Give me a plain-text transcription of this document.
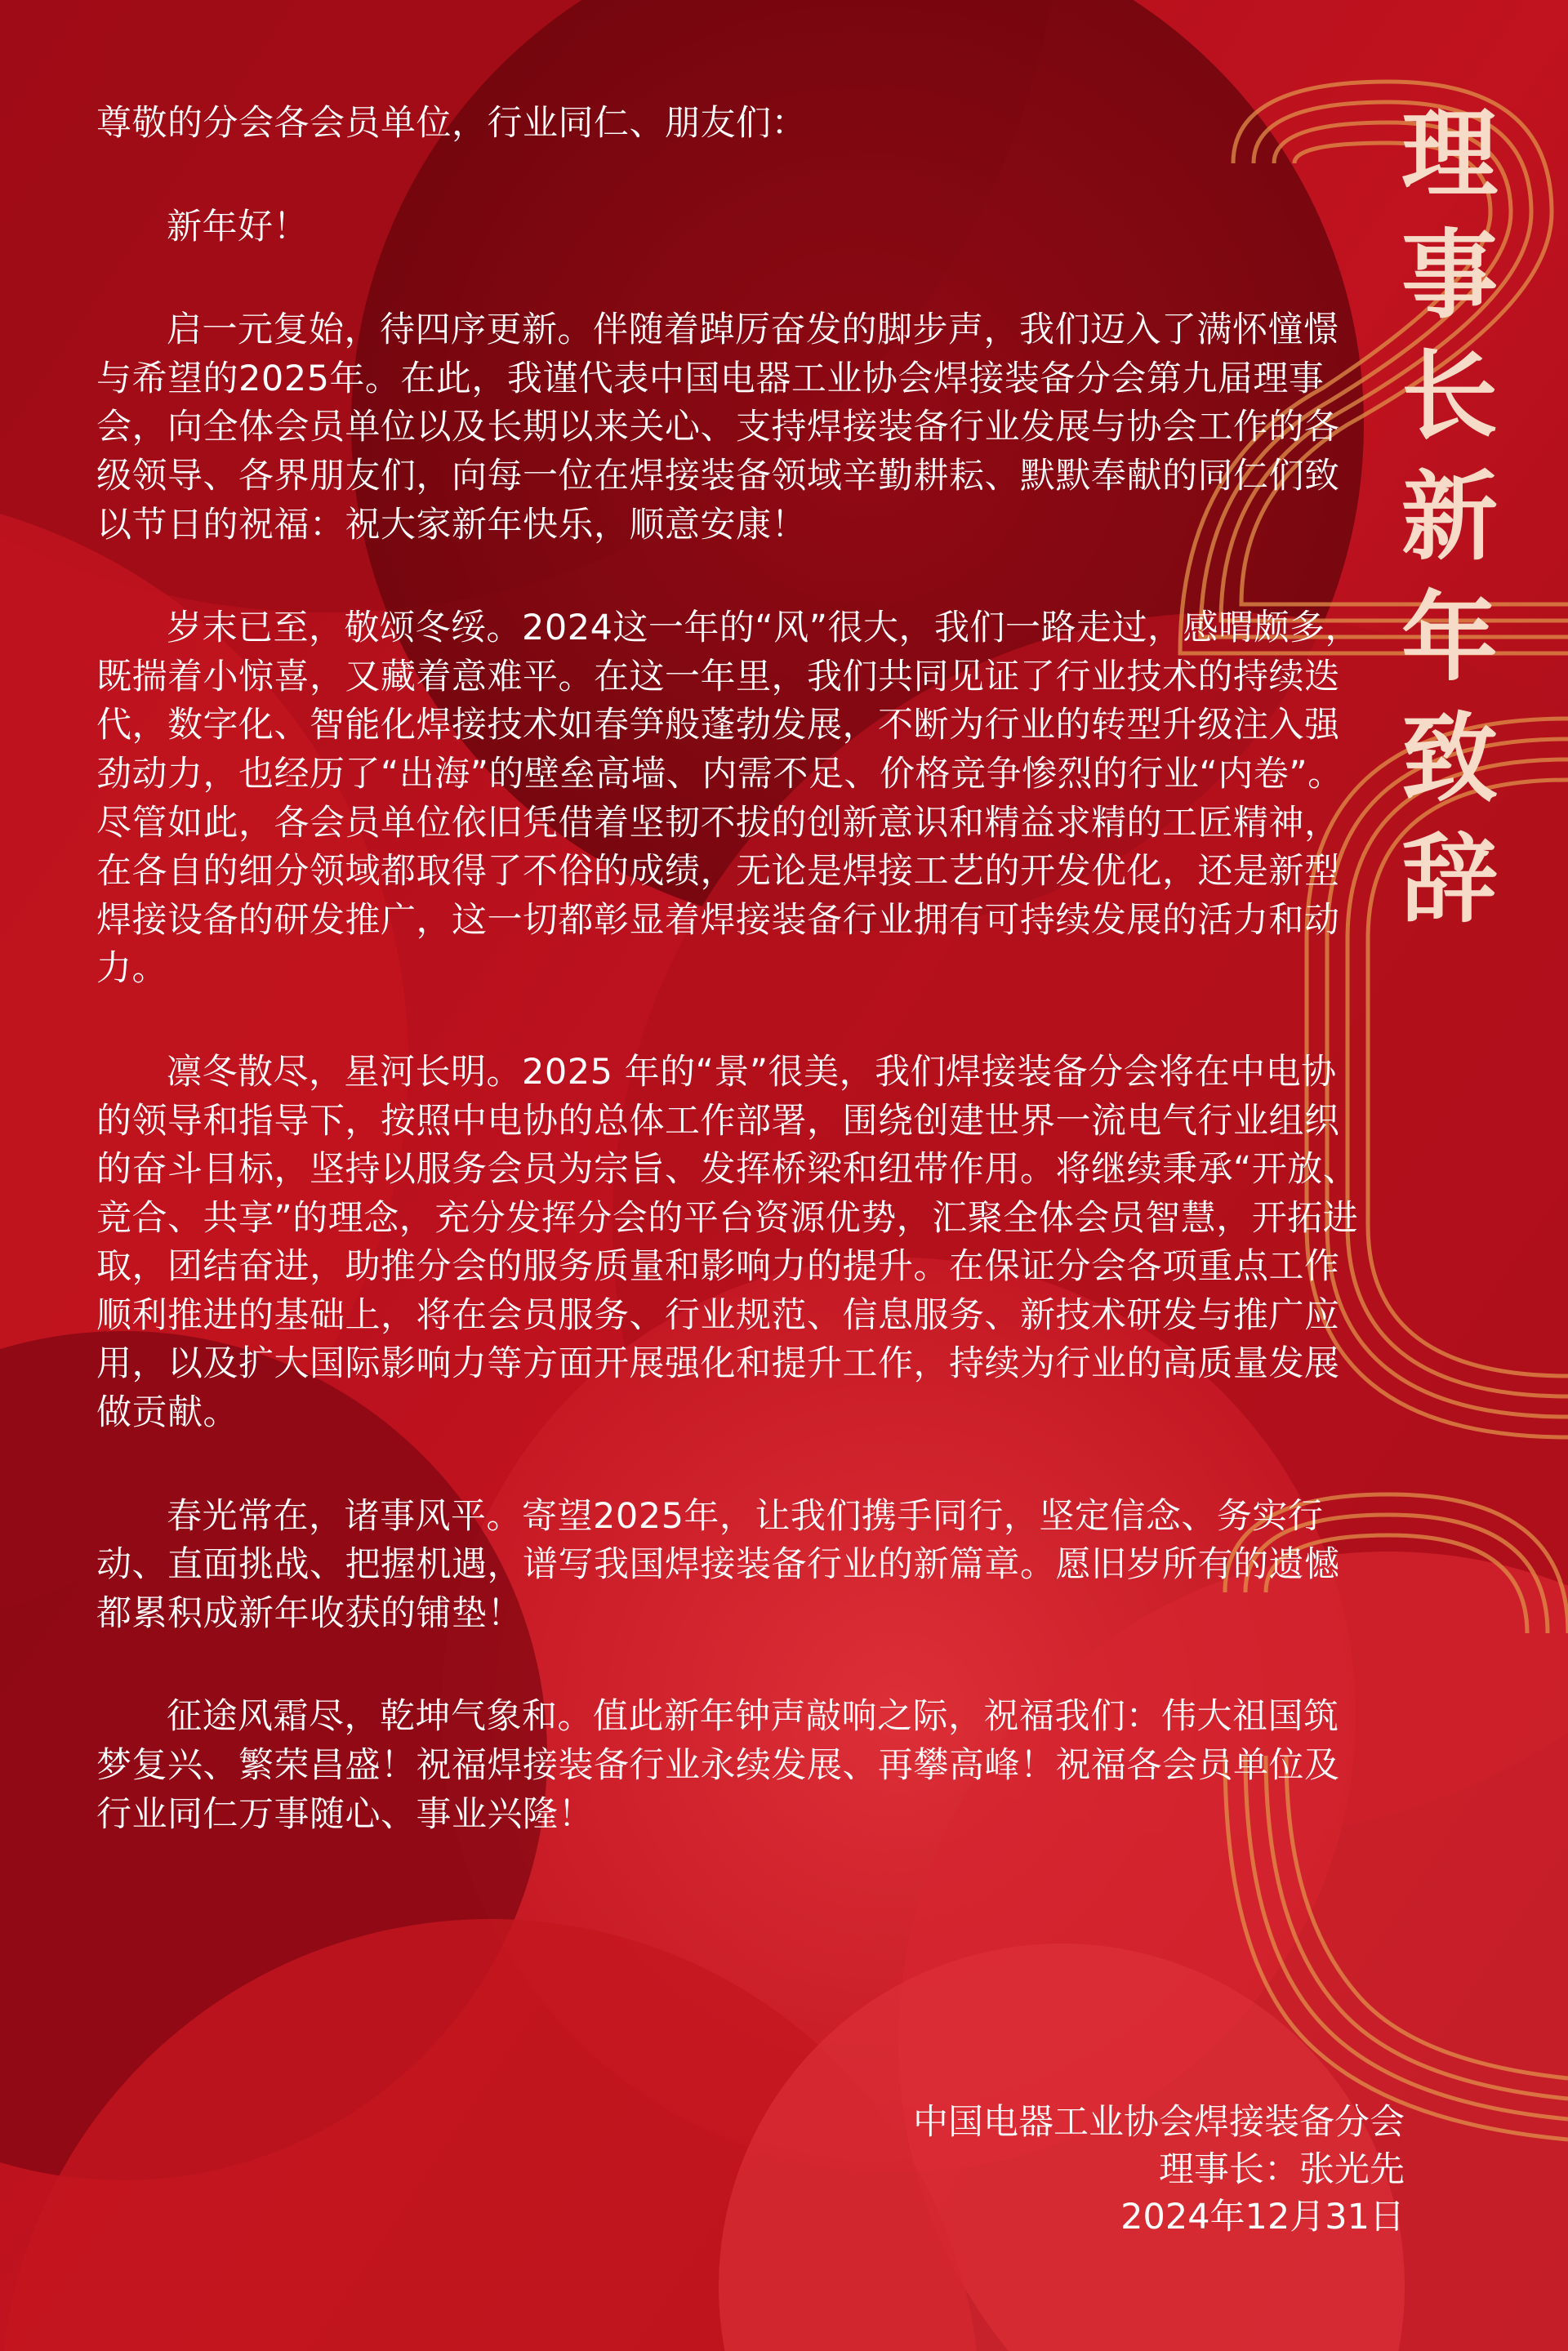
理
事
长
新
年
致
辞

尊敬的分会各会员单位，行业同仁、朋友们：

新年好！

启一元复始，待四序更新。伴随着踔厉奋发的脚步声，我们迈入了满怀憧憬与希望的2025年。在此，我谨代表中国电器工业协会焊接装备分会第九届理事会，向全体会员单位以及长期以来关心、支持焊接装备行业发展与协会工作的各级领导、各界朋友们，向每一位在焊接装备领域辛勤耕耘、默默奉献的同仁们致以节日的祝福：祝大家新年快乐，顺意安康！

岁末已至，敬颂冬绥。2024这一年的“风”很大，我们一路走过，感喟颇多，既揣着小惊喜，又藏着意难平。在这一年里，我们共同见证了行业技术的持续迭代，数字化、智能化焊接技术如春笋般蓬勃发展，不断为行业的转型升级注入强劲动力，也经历了“出海”的壁垒高墙、内需不足、价格竞争惨烈的行业“内卷”。尽管如此，各会员单位依旧凭借着坚韧不拔的创新意识和精益求精的工匠精神，在各自的细分领域都取得了不俗的成绩，无论是焊接工艺的开发优化，还是新型焊接设备的研发推广，这一切都彰显着焊接装备行业拥有可持续发展的活力和动力。

凛冬散尽，星河长明。2025 年的“景”很美，我们焊接装备分会将在中电协的领导和指导下，按照中电协的总体工作部署，围绕创建世界一流电气行业组织的奋斗目标，坚持以服务会员为宗旨、发挥桥梁和纽带作用。将继续秉承“开放、竞合、共享”的理念，充分发挥分会的平台资源优势，汇聚全体会员智慧，开拓进取，团结奋进，助推分会的服务质量和影响力的提升。在保证分会各项重点工作顺利推进的基础上，将在会员服务、行业规范、信息服务、新技术研发与推广应用，以及扩大国际影响力等方面开展强化和提升工作，持续为行业的高质量发展做贡献。

春光常在，诸事风平。寄望2025年，让我们携手同行，坚定信念、务实行动、直面挑战、把握机遇，谱写我国焊接装备行业的新篇章。愿旧岁所有的遗憾都累积成新年收获的铺垫！

征途风霜尽，乾坤气象和。值此新年钟声敲响之际，祝福我们：伟大祖国筑梦复兴、繁荣昌盛！祝福焊接装备行业永续发展、再攀高峰！祝福各会员单位及行业同仁万事随心、事业兴隆！

中国电器工业协会焊接装备分会

理事长：张光先

2024年12月31日
